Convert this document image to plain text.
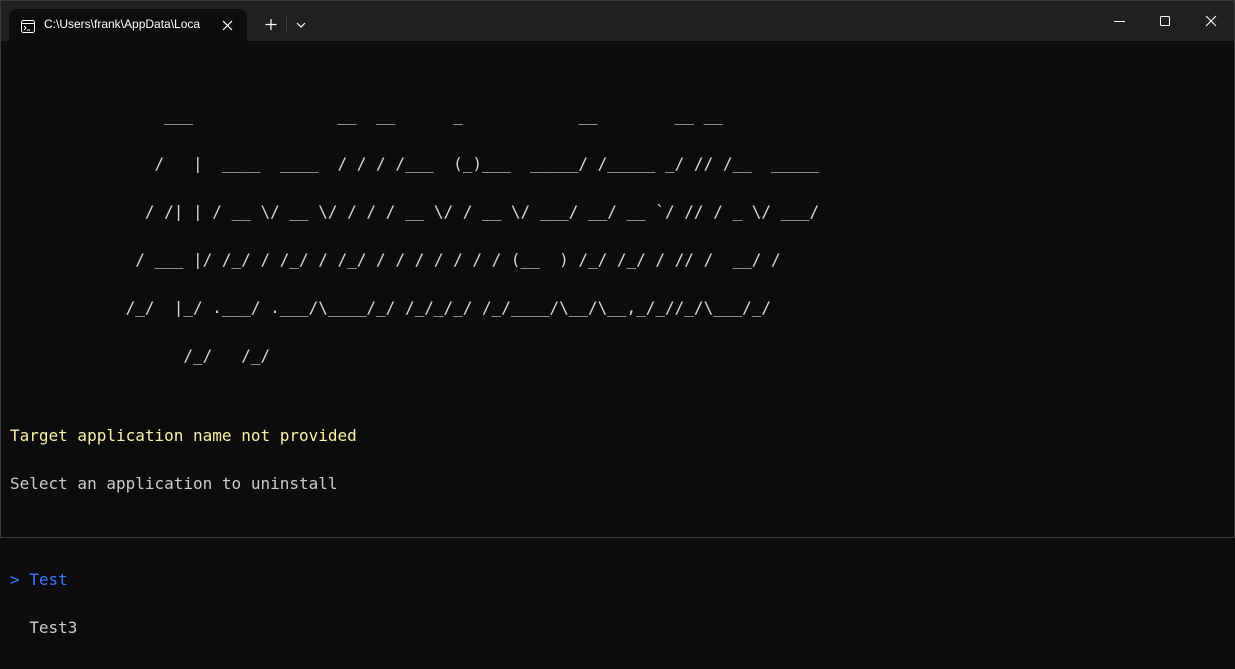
C:\Users\frank\AppData\Loca

___               __  __      _            __        __ __

/   |  ____  ____  / / / /___  (_)___  _____/ /_____ _/ // /__  _____

/ /| | / __ \/ __ \/ / / / __ \/ / __ \/ ___/ __/ __ `/ // / _ \/ ___/

/ ___ |/ /_/ / /_/ / /_/ / / / / / / / (__  ) /_/ /_/ / // /  __/ /

/_/  |_/ .___/ .___/\____/_/ /_/_/_/ /_/____/\__/\__,_/_//_/\___/_/

/_/   /_/

Target application name not provided

Select an application to uninstall

> Test

Test3
